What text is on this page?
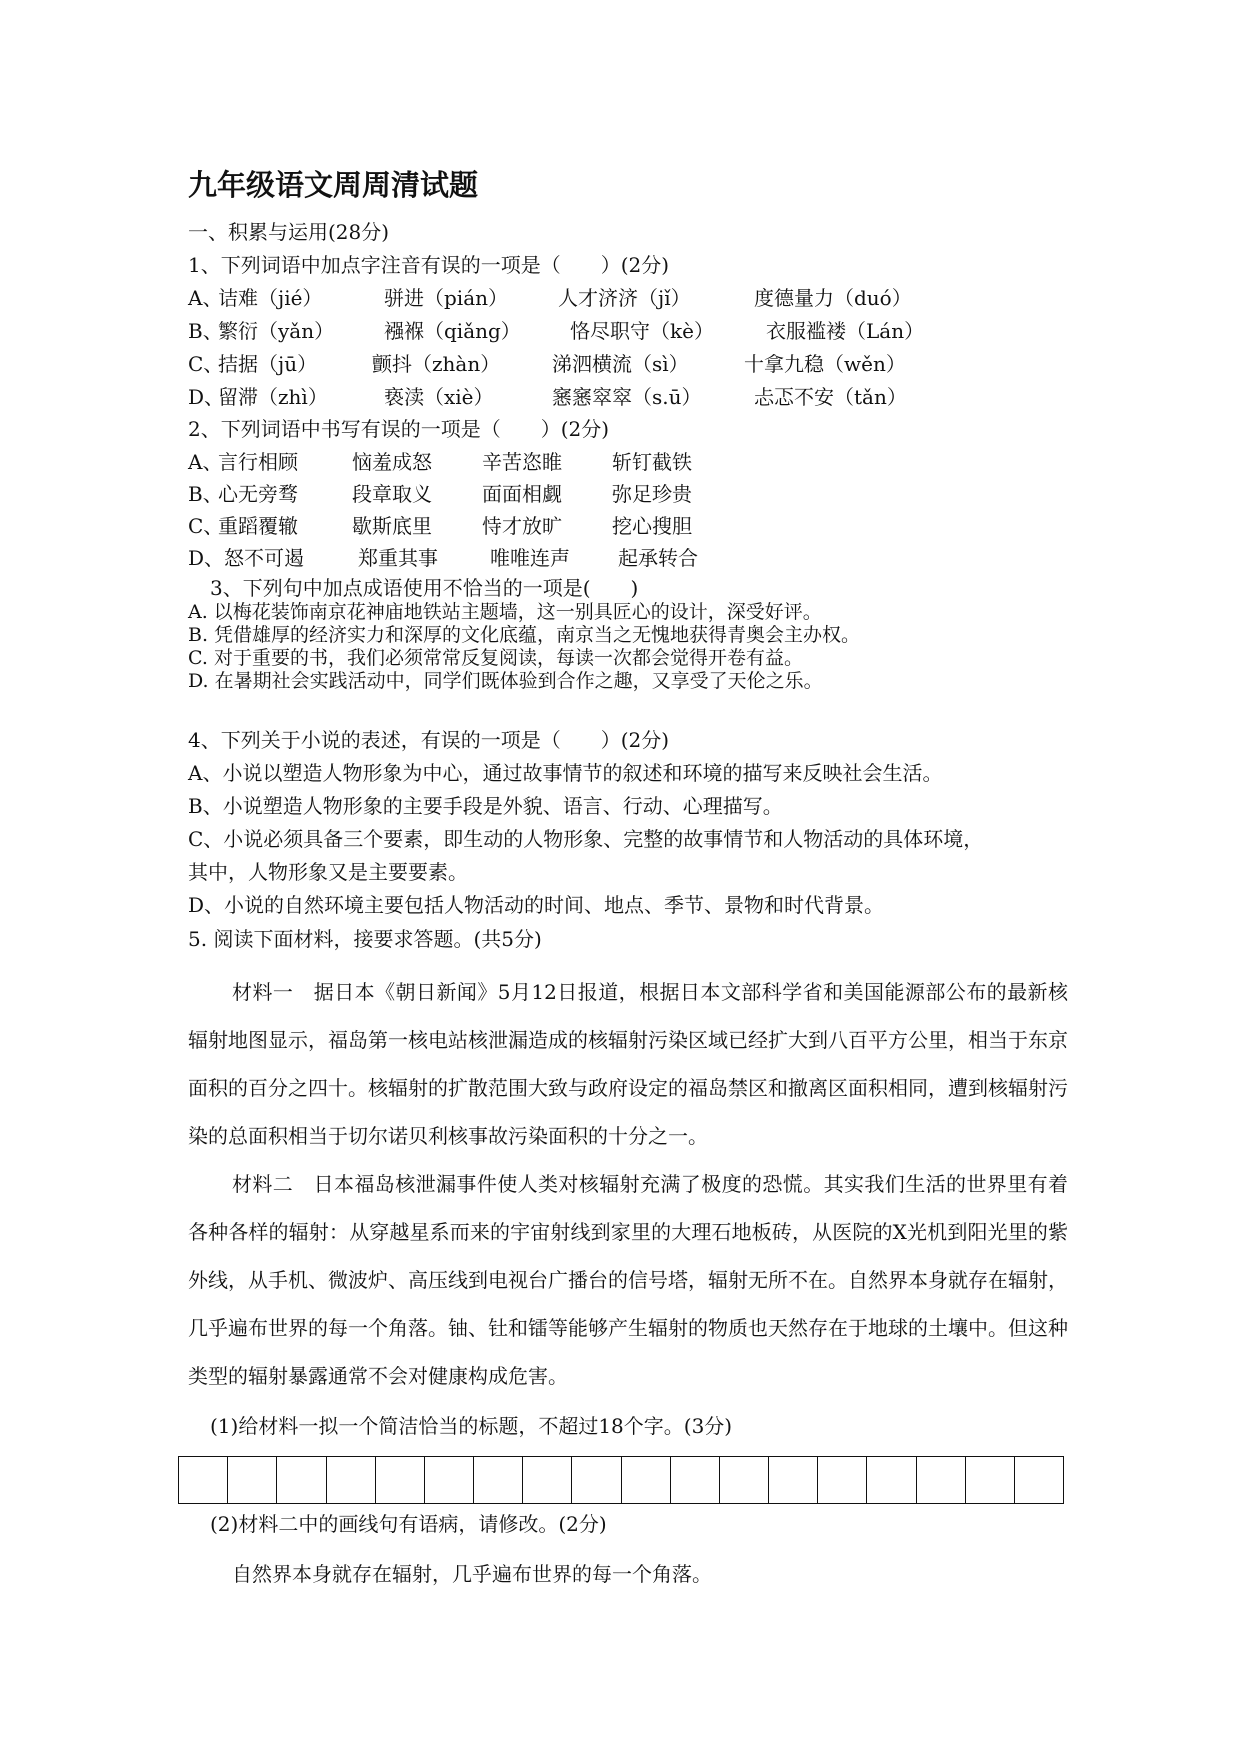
九年级语文周周清试题
一、积累与运用(28分)
1、下列词语中加点字注音有误的一项是（　　）(2分)
A、
诘难（jié）	骈进（pián） 人才济济（jǐ）	度德量力（duó）
B、
繁衍（yǎn） 襁褓（qiǎng） 恪尽职守（kè）	衣服褴褛（Lán）
C、
拮据（jū）	颤抖（zhàn）	涕泗横流（sì）	十拿九稳（wěn）
D、
留滞（zhì）	亵渎（xiè）	窸窸窣窣（s.ū）	忐忑不安（tǎn）
2、下列词语中书写有误的一项是（　　）(2分)
A、
言行相顾	恼羞成怒	辛苦恣睢	斩钉截铁
B、
心无旁骛	段章取义	面面相觑	弥足珍贵
C、
重蹈覆辙	歇斯底里	恃才放旷	挖心搜胆
D、 怒不可遏	郑重其事	唯唯连声 起承转合
3、下列句中加点成语使用不恰当的一项是(　　)
A. 以梅花装饰南京花神庙地铁站主题墙，这一别具匠心的设计，深受好评。
B. 凭借雄厚的经济实力和深厚的文化底蕴，南京当之无愧地获得青奥会主办权。
C. 对于重要的书，我们必须常常反复阅读，每读一次都会觉得开卷有益。
D. 在暑期社会实践活动中，同学们既体验到合作之趣，又享受了天伦之乐。
4、下列关于小说的表述，有误的一项是（　　）(2分)
A、小说以塑造人物形象为中心，通过故事情节的叙述和环境的描写来反映社会生活。
B、小说塑造人物形象的主要手段是外貌、语言、行动、心理描写。
C、小说必须具备三个要素，即生动的人物形象、完整的故事情节和人物活动的具体环境，
其中，人物形象又是主要要素。
D、小说的自然环境主要包括人物活动的时间、地点、季节、景物和时代背景。
5. 阅读下面材料，接要求答题。(共5分)
材料一　据日本《朝日新闻》5月12日报道，根据日本文部科学省和美国能源部公布的最新核辐射地图显示，福岛第一核电站核泄漏造成的核辐射污染区域已经扩大到八百平方公里，相当于东京面积的百分之四十。核辐射的扩散范围大致与政府设定的福岛禁区和撤离区面积相同，遭到核辐射污染的总面积相当于切尔诺贝利核事故污染面积的十分之一。
材料二　日本福岛核泄漏事件使人类对核辐射充满了极度的恐慌。其实我们生活的世界里有着各种各样的辐射：从穿越星系而来的宇宙射线到家里的大理石地板砖，从医院的X光机到阳光里的紫外线，从手机、微波炉、高压线到电视台广播台的信号塔，辐射无所不在。自然界本身就存在辐射，几乎遍布世界的每一个角落。铀、钍和镭等能够产生辐射的物质也天然存在于地球的土壤中。但这种类型的辐射暴露通常不会对健康构成危害。
(1)给材料一拟一个简洁恰当的标题，不超过18个字。(3分)
(2)材料二中的画线句有语病，请修改。(2分)
自然界本身就存在辐射，几乎遍布世界的每一个角落。
